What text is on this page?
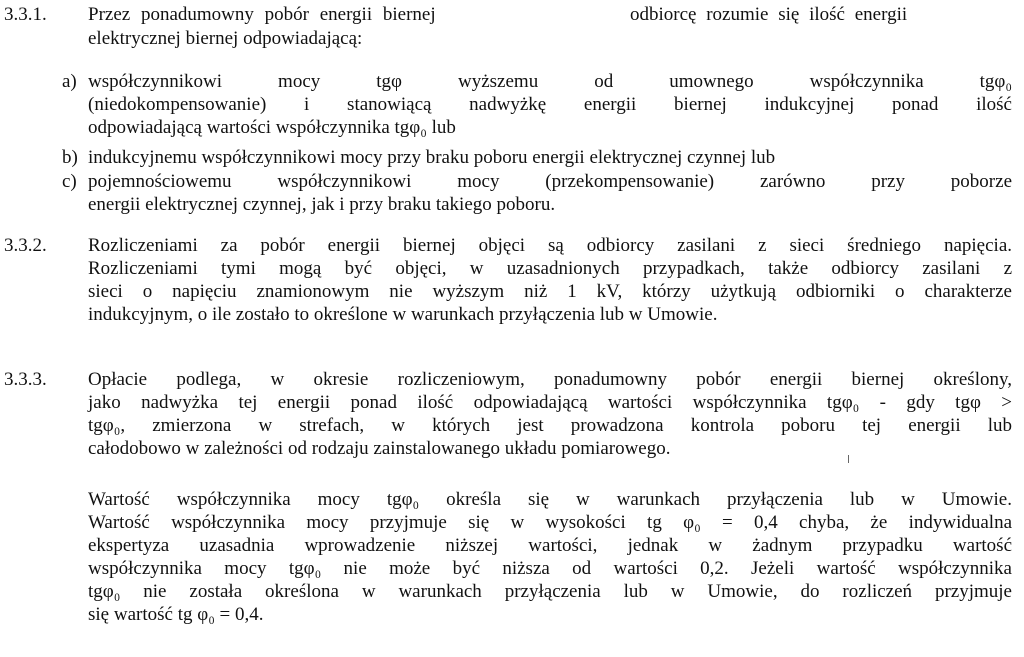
3.3.1. Przez ponadumowny pobór energii biernej	odbiorcę rozumie się ilość energii
elektrycznej biernej odpowiadającą:
a) współczynnikowi mocy tgφ wyższemu od umownego współczynnika tgφ₀
(niedokompensowanie) i stanowiącą nadwyżkę energii biernej indukcyjnej ponad ilość
odpowiadającą wartości współczynnika tgφ₀ lub
b) indukcyjnemu współczynnikowi mocy przy braku poboru energii elektrycznej czynnej lub
c) pojemnościowemu współczynnikowi mocy (przekompensowanie) zarówno przy poborze
energii elektrycznej czynnej, jak i przy braku takiego poboru.
3.3.2. Rozliczeniami za pobór energii biernej objęci są odbiorcy zasilani z sieci średniego napięcia.
Rozliczeniami tymi mogą być objęci, w uzasadnionych przypadkach, także odbiorcy zasilani z
sieci o napięciu znamionowym nie wyższym niż 1 kV, którzy użytkują odbiorniki o charakterze
indukcyjnym, o ile zostało to określone w warunkach przyłączenia lub w Umowie.
3.3.3. Opłacie podlega, w okresie rozliczeniowym, ponadumowny pobór energii biernej określony,
jako nadwyżka tej energii ponad ilość odpowiadającą wartości współczynnika tgφ₀ - gdy tgφ >
tgφ₀, zmierzona w strefach, w których jest prowadzona kontrola poboru tej energii lub
całodobowo w zależności od rodzaju zainstalowanego układu pomiarowego.
Wartość współczynnika mocy tgφ₀ określa się w warunkach przyłączenia lub w Umowie.
Wartość współczynnika mocy przyjmuje się w wysokości tg φ₀ = 0,4 chyba, że indywidualna
ekspertyza uzasadnia wprowadzenie niższej wartości, jednak w żadnym przypadku wartość
współczynnika mocy tgφ₀ nie może być niższa od wartości 0,2. Jeżeli wartość współczynnika
tgφ₀ nie została określona w warunkach przyłączenia lub w Umowie, do rozliczeń przyjmuje
się wartość tg φ₀ = 0,4.
